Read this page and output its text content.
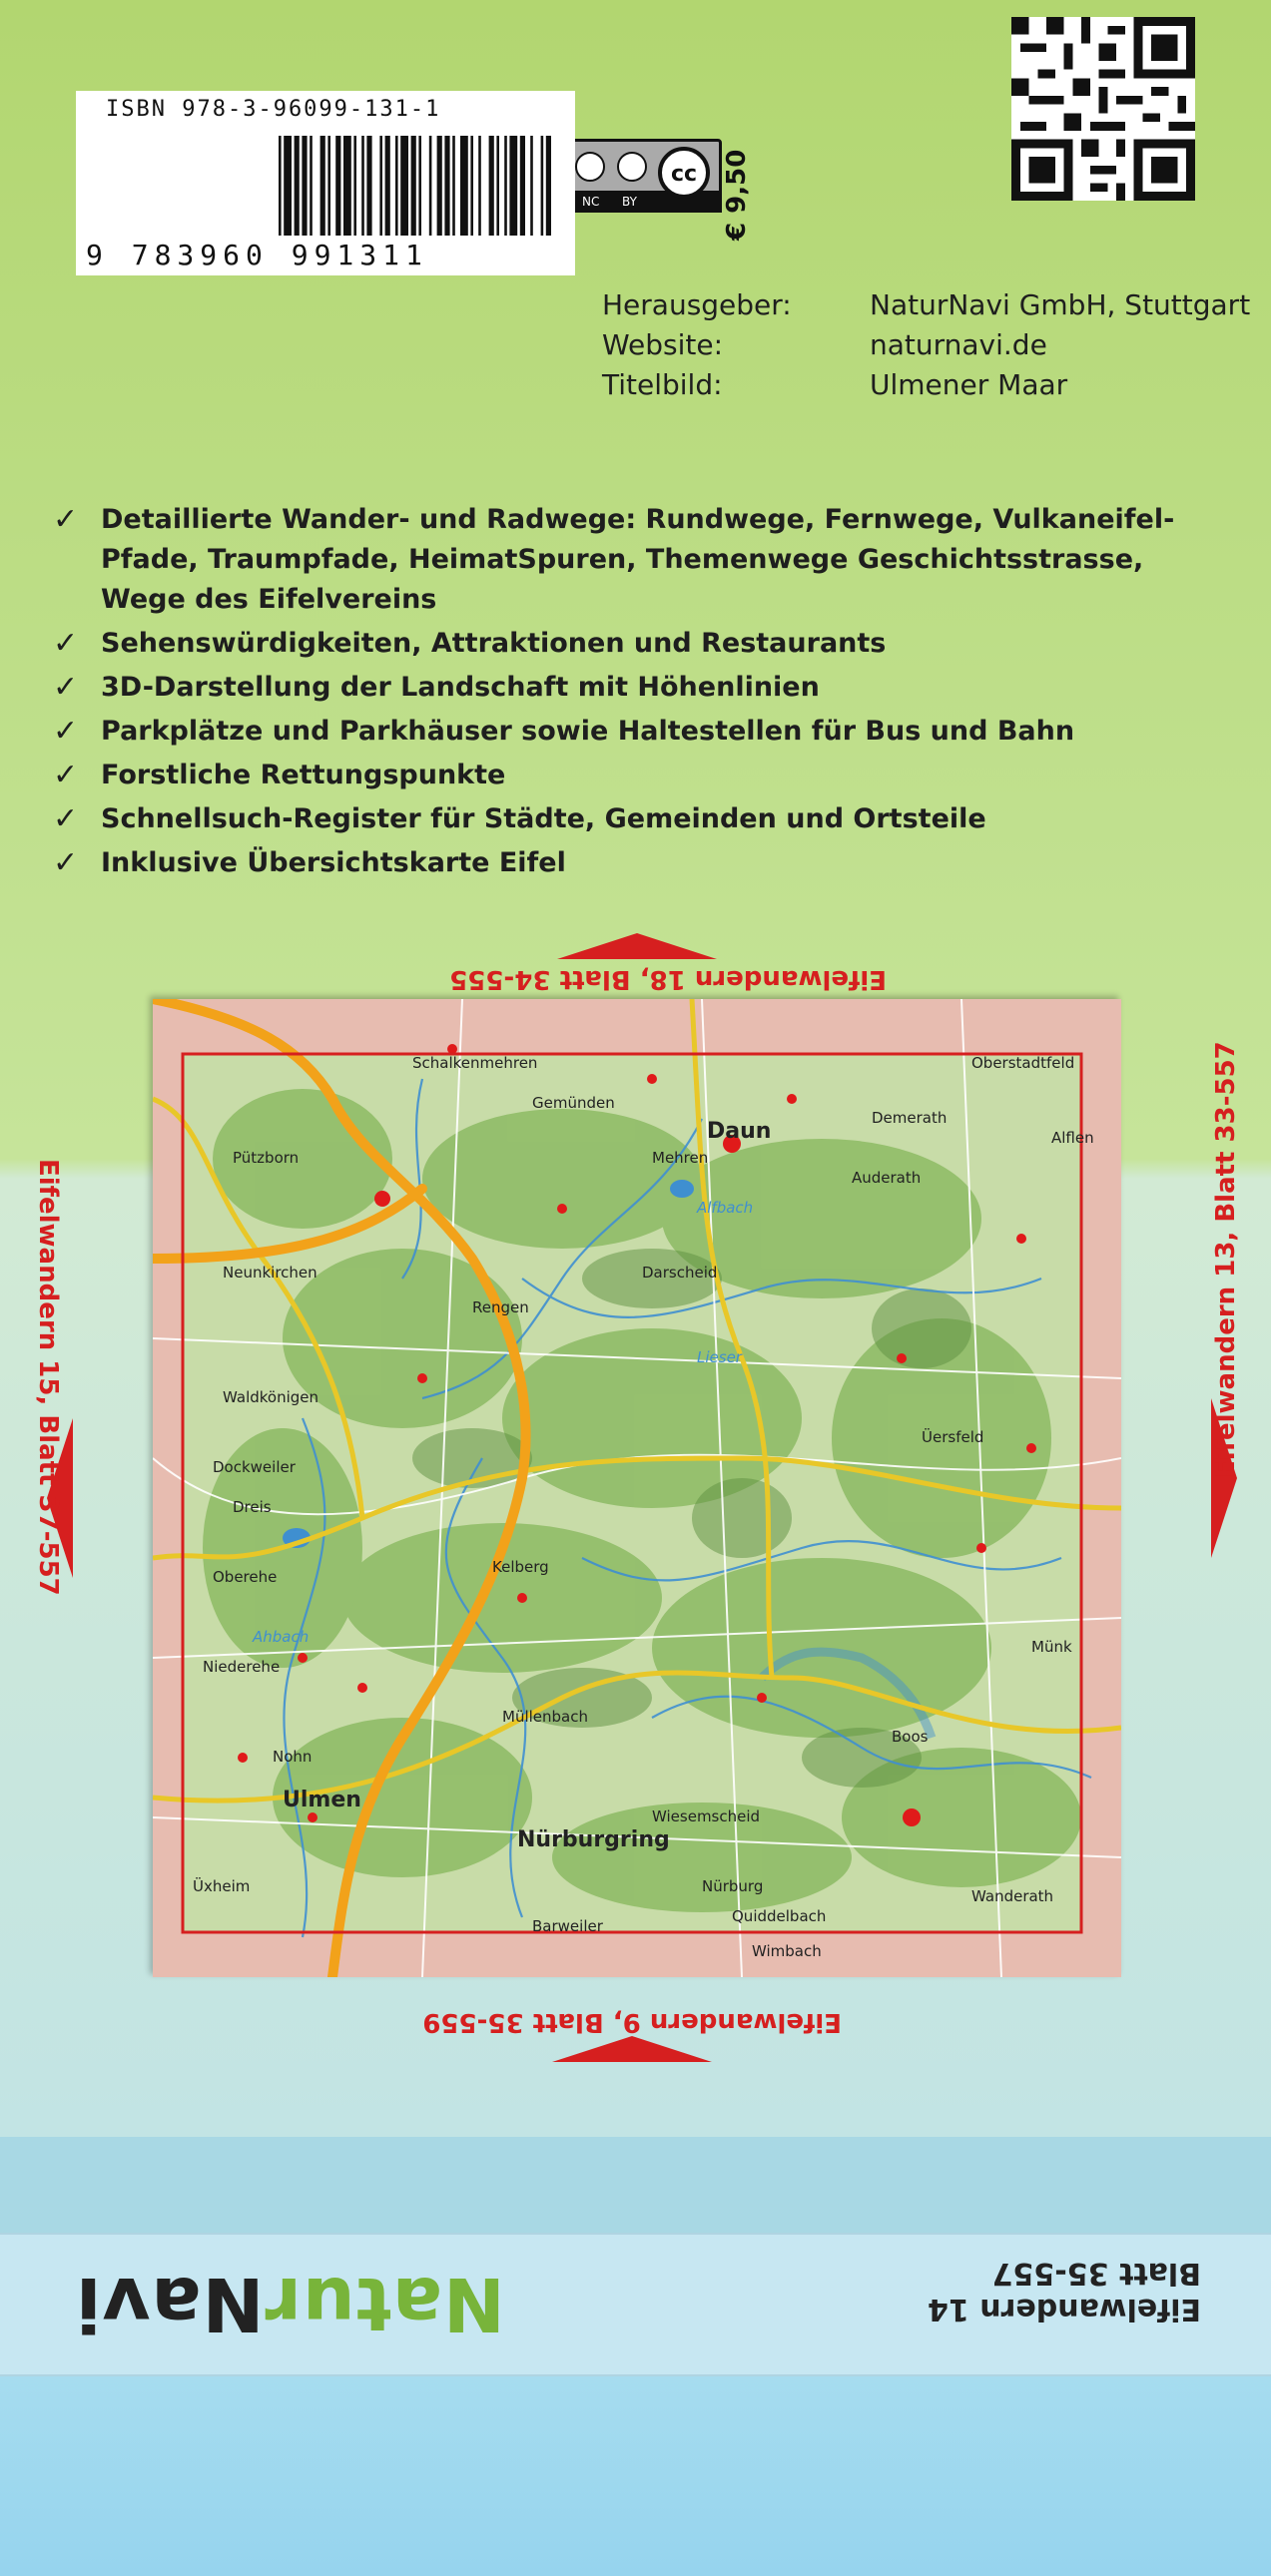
Eifelwandern 14
Blatt 35-557
NaturNavi
Eifelwandern 9, Blatt 35-559
Eifelwandern 18, Blatt 34-555
Eifelwandern 13, Blatt 33-557
Eifelwandern 15, Blatt 37-557
Daun
Ulmen
Nürburgring
Schalkenmehren	Oberstadtfeld
Gemünden
Mehren
Demerath
Alflen
Auderath
Pützborn
Neunkirchen	Darscheid
Rengen
Waldkönigen
Üersfeld
Dockweiler
Dreis
Oberehe
Kelberg
Münk
Niederehe
Boos
Müllenbach
Nohn
Wiesemscheid
Nürburg
Üxheim
Quiddelbach
Barweiler
Wanderath
Wimbach
Lieser
Alfbach
Ahbach
✓ Detaillierte Wander- und Radwege: Rundwege, Fernwege, Vulkaneifel-Pfade, Traumpfade, HeimatSpuren, Themenwege Geschichtsstrasse, Wege des Eifelvereins
✓ Sehenswürdigkeiten, Attraktionen und Restaurants
✓ 3D-Darstellung der Landschaft mit Höhenlinien
✓ Parkplätze und Parkhäuser sowie Haltestellen für Bus und Bahn
✓ Forstliche Rettungspunkte
✓ Schnellsuch-Register für Städte, Gemeinden und Ortsteile
✓ Inklusive Übersichtskarte Eifel
Herausgeber:	NaturNavi GmbH, Stuttgart
Website:	naturnavi.de
Titelbild:	Ulmener Maar
cc
NC BY	€ 9,50
ISBN 978-3-96099-131-1
9 783960 991311
